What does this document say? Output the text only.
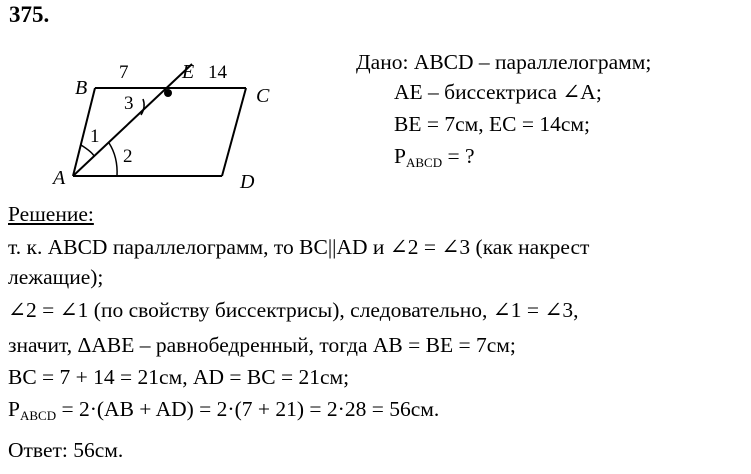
375.
A
B	C
D
E
7	14
1
2
3
Дано: ABCD – параллелограмм;
AE – биссектриса ∠A;
BE = 7см, EC = 14см;
$P_{ABCD}$ = ?
Решение:
т. к. ABCD параллелограмм, то BC||AD и ∠2 = ∠3 (как накрест
лежащие);
∠2 = ∠1 (по свойству биссектрисы), следовательно, ∠1 = ∠3,
значит, ΔABE – равнобедренный, тогда AB = BE = 7см;
BC = 7 + 14 = 21см, AD = BC = 21см;
$P_{ABCD} = 2\cdot(AB + AD) = 2\cdot(7 + 21) = 2\cdot 28 = 56см$.
Ответ: 56см.
